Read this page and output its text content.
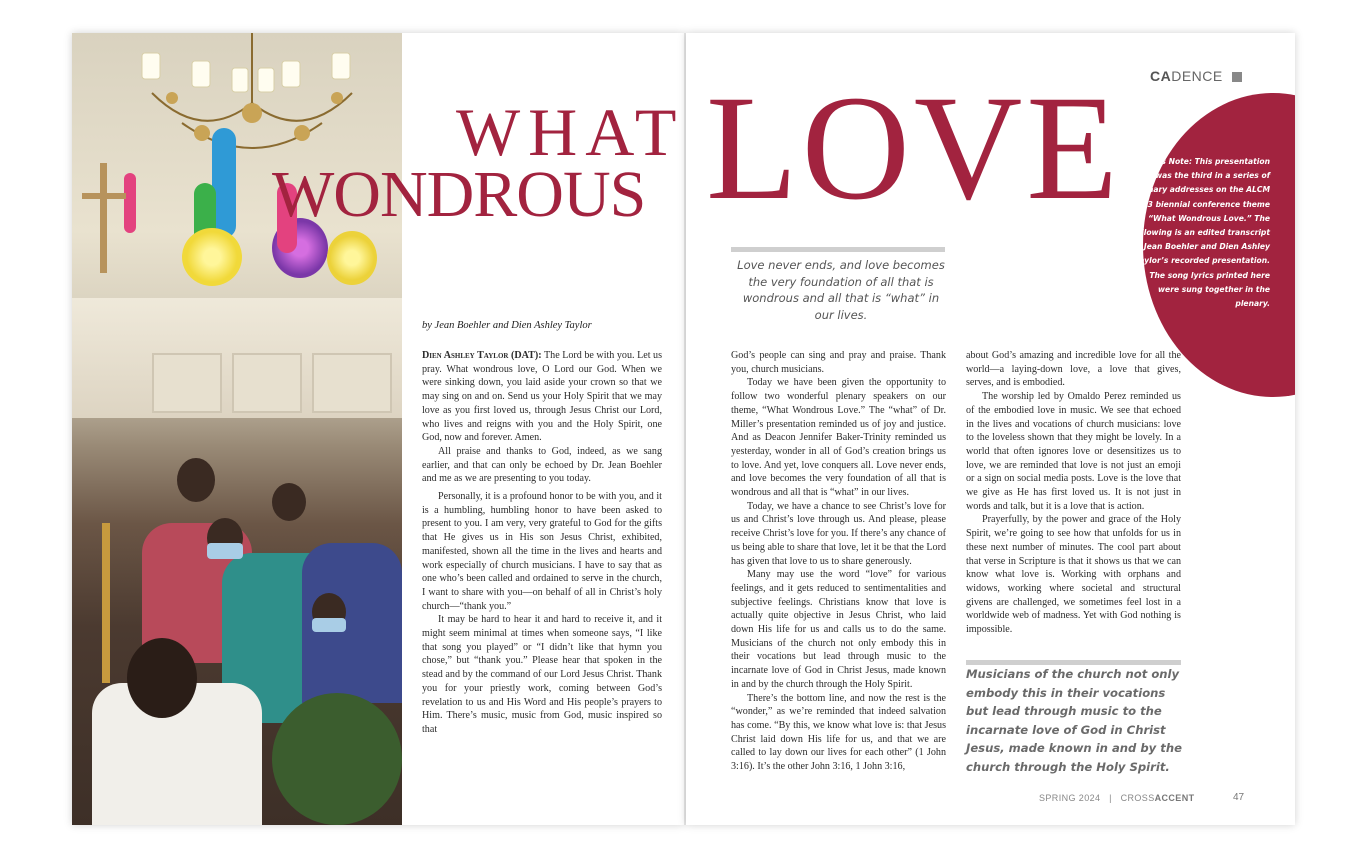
WHAT
WONDROUS
by Jean Boehler and Dien Ashley Taylor

Dien Ashley Taylor (DAT): The Lord be with you. Let us pray. What wondrous love, O Lord our God. When we were sinking down, you laid aside your crown so that we may sing on and on. Send us your Holy Spirit that we may love as you first loved us, through Jesus Christ our Lord, who lives and reigns with you and the Holy Spirit, one God, now and forever. Amen.

All praise and thanks to God, indeed, as we sang earlier, and that can only be echoed by Dr. Jean Boehler and me as we are presenting to you today.

Personally, it is a profound honor to be with you, and it is a humbling, humbling honor to have been asked to present to you. I am very, very grateful to God for the gifts that He gives us in His son Jesus Christ, exhibited, manifested, shown all the time in the lives and hearts and work especially of church musicians. I have to say that as one who’s been called and ordained to serve in the church, I want to share with you—on behalf of all in Christ’s holy church—“thank you.”

It may be hard to hear it and hard to receive it, and it might seem minimal at times when someone says, “I like that song you played” or “I didn’t like that hymn you chose,” but “thank you.” Please hear that spoken in the stead and by the command of our Lord Jesus Christ. Thank you for your priestly work, coming between God’s revelation to us and His Word and His people’s prayers to Him. There’s music, music from God, music inspired so that

LOVE CADENCE
Editor’s Note: This presentation was the third in a series of plenary addresses on the ALCM 2023 biennial conference theme “What Wondrous Love.” The following is an edited transcript of Jean Boehler and Dien Ashley Taylor’s recorded presentation. The song lyrics printed here were sung together in the plenary.
Love never ends, and love becomes the very foundation of all that is wondrous and all that is “what” in our lives.

God’s people can sing and pray and praise. Thank you, church musicians.

Today we have been given the opportunity to follow two wonderful plenary speakers on our theme, “What Wondrous Love.” The “what” of Dr. Miller’s presentation reminded us of joy and justice. And as Deacon Jennifer Baker-Trinity reminded us yesterday, wonder in all of God’s creation brings us to love. And yet, love conquers all. Love never ends, and love becomes the very foundation of all that is wondrous and all that is “what” in our lives.

Today, we have a chance to see Christ’s love for us and Christ’s love through us. And please, please receive Christ’s love for you. If there’s any chance of us being able to share that love, let it be that the Lord has given that love to us to share generously.

Many may use the word “love” for various feelings, and it gets reduced to sentimentalities and subjective feelings. Christians know that love is actually quite objective in Jesus Christ, who laid down His life for us and calls us to do the same. Musicians of the church not only embody this in their vocations but lead through music to the incarnate love of God in Christ Jesus, made known in and by the church through the Holy Spirit.

There’s the bottom line, and now the rest is the “wonder,” as we’re reminded that indeed salvation has come. “By this, we know what love is: that Jesus Christ laid down His life for us, and that we are called to lay down our lives for each other” (1 John 3:16). It’s the other John 3:16, 1 John 3:16,

about God’s amazing and incredible love for all the world—a laying-down love, a love that gives, serves, and is embodied.

The worship led by Omaldo Perez reminded us of the embodied love in music. We see that echoed in the lives and vocations of church musicians: love to the loveless shown that they might be lovely. In a world that often ignores love or desensitizes us to love, we are reminded that love is not just an emoji or a sign on social media posts. Love is the love that we give as He has first loved us. It is not just in words and talk, but it is a love that is action.

Prayerfully, by the power and grace of the Holy Spirit, we’re going to see how that unfolds for us in these next number of minutes. The cool part about that verse in Scripture is that it shows us that we can know what love is. Working with orphans and widows, working where societal and structural givens are challenged, we sometimes feel lost in a worldwide web of madness. Yet with God nothing is impossible.

Musicians of the church not only embody this in their vocations but lead through music to the incarnate love of God in Christ Jesus, made known in and by the church through the Holy Spirit.
SPRING 2024 | CROSSACCENT	47
